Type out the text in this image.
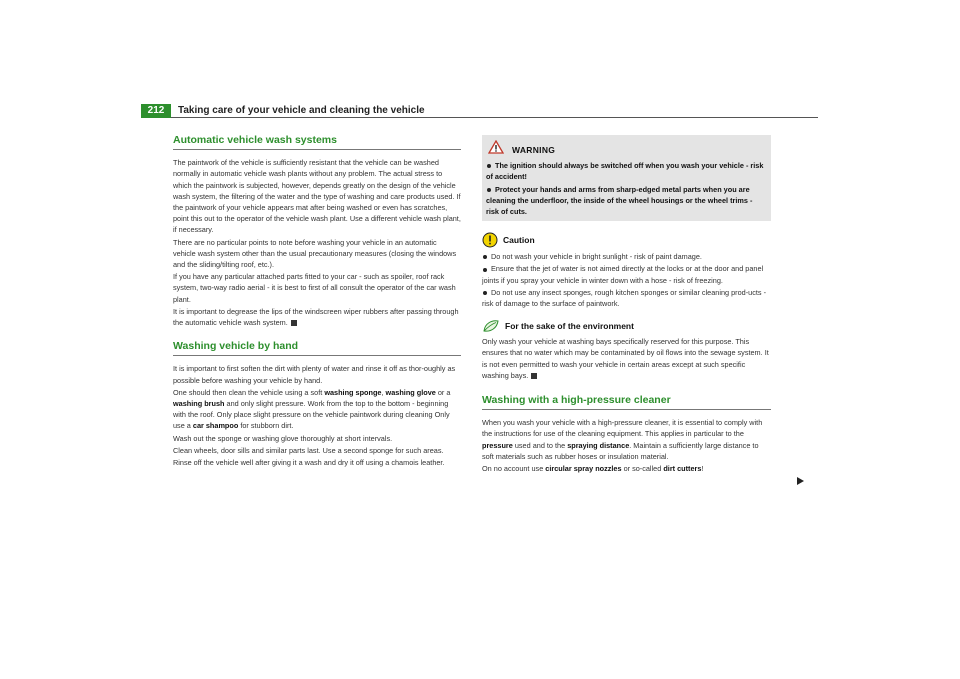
212	Taking care of your vehicle and cleaning the vehicle
Automatic vehicle wash systems

The paintwork of the vehicle is sufficiently resistant that the vehicle can be washed normally in automatic vehicle wash plants without any problem. The actual stress to which the paintwork is subjected, however, depends greatly on the design of the vehicle wash system, the filtering of the water and the type of washing and care products used. If the paintwork of your vehicle appears mat after being washed or even has scratches, point this out to the operator of the vehicle wash plant. Use a different vehicle wash plant, if necessary.

There are no particular points to note before washing your vehicle in an automatic vehicle wash system other than the usual precautionary measures (closing the windows and the sliding/tilting roof, etc.).

If you have any particular attached parts fitted to your car - such as spoiler, roof rack system, two-way radio aerial - it is best to first of all consult the operator of the car wash plant.

It is important to degrease the lips of the windscreen wiper rubbers after passing through the automatic vehicle wash system.

Washing vehicle by hand

It is important to first soften the dirt with plenty of water and rinse it off as thor-oughly as possible before washing your vehicle by hand.

One should then clean the vehicle using a soft washing sponge, washing glove or a washing brush and only slight pressure. Work from the top to the bottom - beginning with the roof. Only place slight pressure on the vehicle paintwork during cleaning Only use a car shampoo for stubborn dirt.

Wash out the sponge or washing glove thoroughly at short intervals.

Clean wheels, door sills and similar parts last. Use a second sponge for such areas.

Rinse off the vehicle well after giving it a wash and dry it off using a chamois leather.

WARNING

The ignition should always be switched off when you wash your vehicle - risk of accident!

Protect your hands and arms from sharp-edged metal parts when you are cleaning the underfloor, the inside of the wheel housings or the wheel trims - risk of cuts.

Caution

Do not wash your vehicle in bright sunlight - risk of paint damage.

Ensure that the jet of water is not aimed directly at the locks or at the door and panel joints if you spray your vehicle in winter down with a hose - risk of freezing.

Do not use any insect sponges, rough kitchen sponges or similar cleaning prod-ucts - risk of damage to the surface of paintwork.

For the sake of the environment

Only wash your vehicle at washing bays specifically reserved for this purpose. This ensures that no water which may be contaminated by oil flows into the sewage system. It is not even permitted to wash your vehicle in certain areas except at such specific washing bays.

Washing with a high-pressure cleaner

When you wash your vehicle with a high-pressure cleaner, it is essential to comply with the instructions for use of the cleaning equipment. This applies in particular to the pressure used and to the spraying distance. Maintain a sufficiently large distance to soft materials such as rubber hoses or insulation material.

On no account use circular spray nozzles or so-called dirt cutters!
